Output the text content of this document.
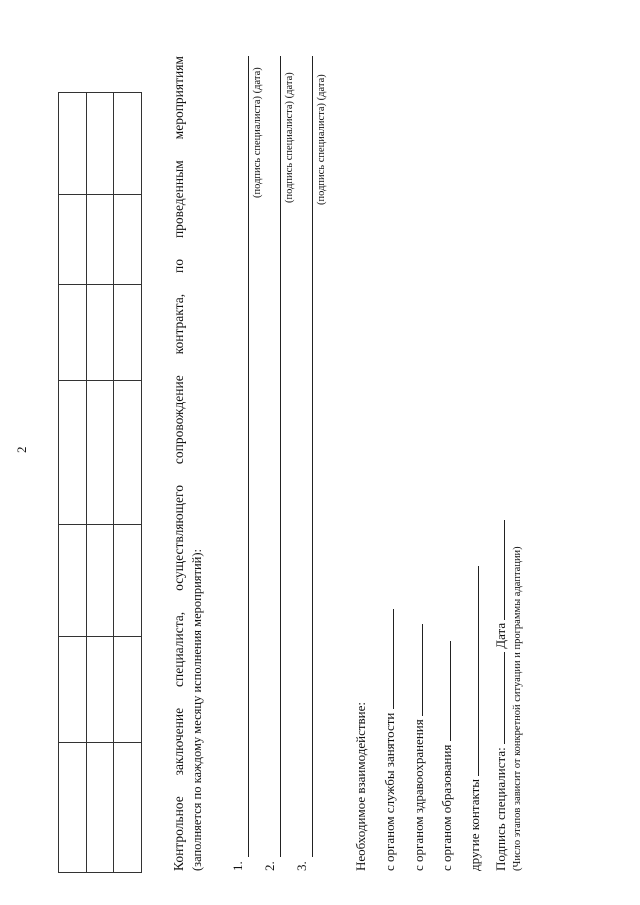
2

Контрольное
заключение
специалиста,
осуществляющего
сопровождение
контракта,
по
проведенным
мероприятиям
(заполняется по каждому месяцу исполнения мероприятий): 1.
(подпись специалиста) (дата)
2.
(подпись специалиста) (дата)
3.
(подпись специалиста) (дата)
Необходимое взаимодействие: с органом службы занятости с органом здравоохранения с органом образования другие контакты Подпись специалиста:  Дата (Число этапов зависит от конкретной ситуации и программы адаптации)
